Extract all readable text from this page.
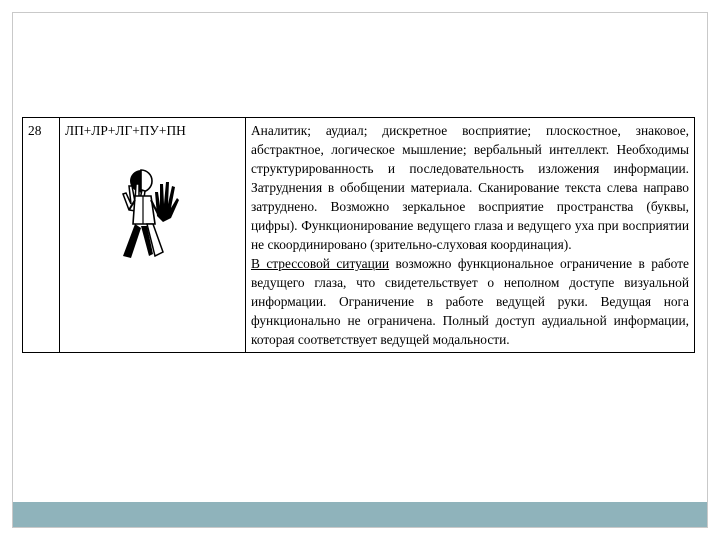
28	ЛП+ЛР+ЛГ+ПУ+ПН	Аналитик; аудиал; дискретное восприятие; плоскостное, знаковое, абстрактное, логическое мышление; вербальный интеллект. Необходимы структурированность и последовательность изложения информации. Затруднения в обобщении материала. Сканирование текста слева направо затруднено. Возможно зеркальное восприятие пространства (буквы, цифры). Функционирование ведущего глаза и ведущего уха при восприятии не скоординировано (зрительно-слуховая координация).

В стрессовой ситуации возможно функциональное ограничение в работе ведущего глаза, что свидетельствует о неполном доступе визуальной информации. Ограничение в работе ведущей руки. Ведущая нога функционально не ограничена. Полный доступ аудиальной информации, которая соответствует ведущей модальности.
